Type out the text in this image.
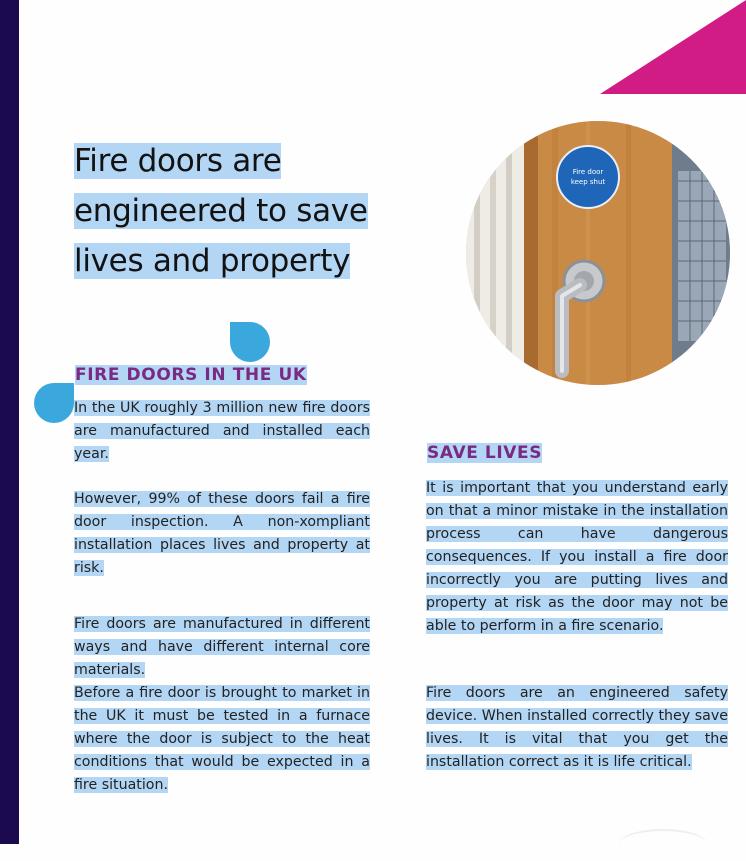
Fire doors are engineered to save lives and property
FIRE DOORS IN THE UK

In the UK roughly 3 million new fire doors are manufactured and installed each year.

However, 99% of these doors fail a fire door inspection. A non-xompliant installation places lives and property at risk.

Fire doors are manufactured in different ways and have different internal core materials.

Before a fire door is brought to market in the UK it must be tested in a furnace where the door is subject to the heat conditions that would be expected in a fire situation.

Fire door
keep shut
SAVE LIVES

It is important that you understand early on that a minor mistake in the installation process can have dangerous consequences. If you install a fire door incorrectly you are putting lives and property at risk as the door may not be able to perform in a fire scenario.

Fire doors are an engineered safety device. When installed correctly they save lives. It is vital that you get the installation correct as it is life critical.
